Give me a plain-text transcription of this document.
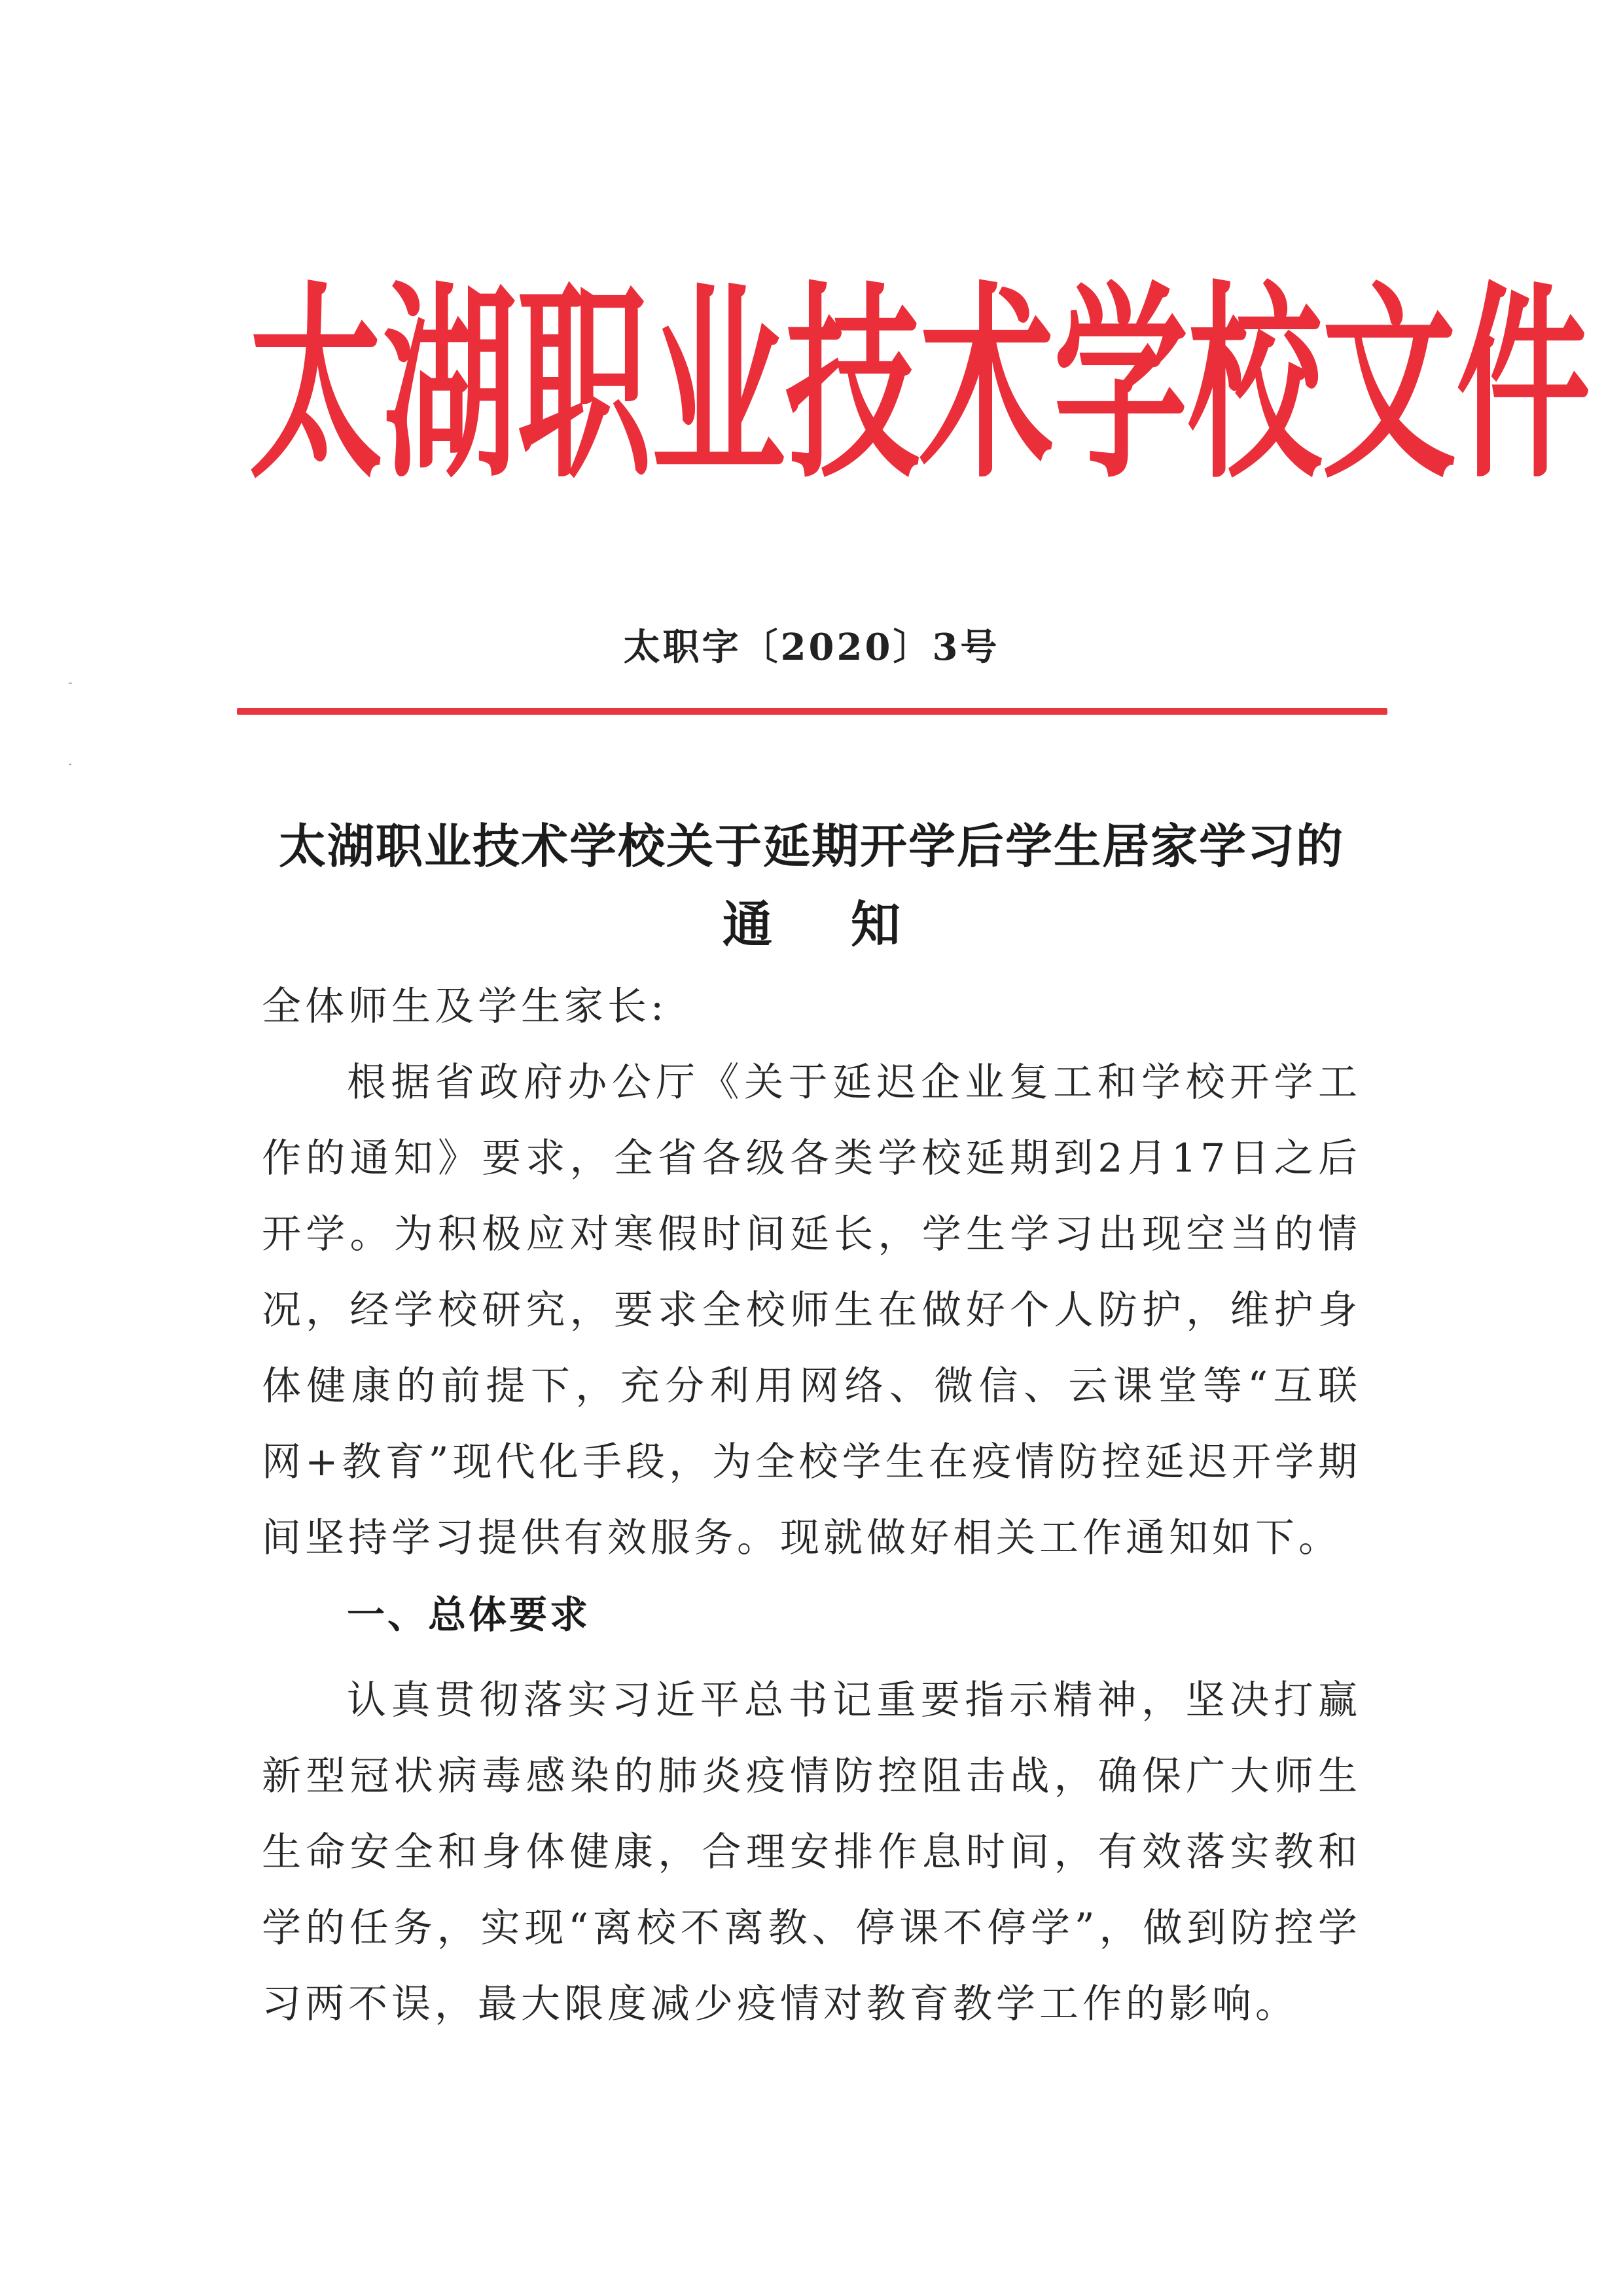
太 湖 职 业 技 术 学 校 文 件
太职字〔2020〕3号
-
.
太湖职业技术学校关于延期开学后学生居家学习的
通 知
全体师生及学生家长:
根据省政府办公厅《关于延迟企业复工和学校开学工作的通知》要求，全省各级各类学校延期到2月17日之后开学。为积极应对寒假时间延长，学生学习出现空当的情况，经学校研究，要求全校师生在做好个人防护，维护身体健康的前提下，充分利用网络、微信、云课堂等“互联网+教育”现代化手段，为全校学生在疫情防控延迟开学期间坚持学习提供有效服务。现就做好相关工作通知如下。
一、总体要求
认真贯彻落实习近平总书记重要指示精神，坚决打赢新型冠状病毒感染的肺炎疫情防控阻击战，确保广大师生生命安全和身体健康，合理安排作息时间，有效落实教和学的任务，实现“离校不离教、停课不停学”，做到防控学习两不误，最大限度减少疫情对教育教学工作的影响。
